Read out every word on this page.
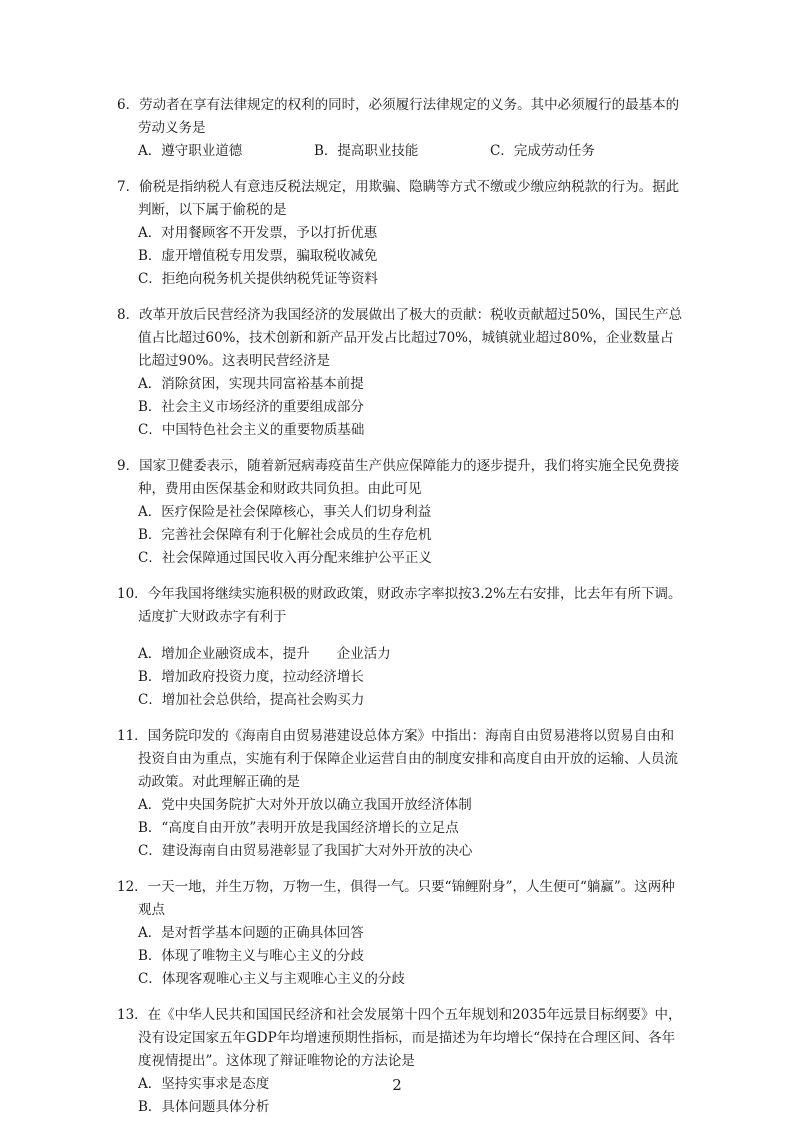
6．劳动者在享有法律规定的权利的同时，必须履行法律规定的义务。其中必须履行的最基本的劳动义务是
A．遵守职业道德	B．提高职业技能	C．完成劳动任务
7．偷税是指纳税人有意违反税法规定，用欺骗、隐瞒等方式不缴或少缴应纳税款的行为。据此判断，以下属于偷税的是
A．对用餐顾客不开发票，予以打折优惠
B．虚开增值税专用发票，骗取税收减免
C．拒绝向税务机关提供纳税凭证等资料
8．改革开放后民营经济为我国经济的发展做出了极大的贡献：税收贡献超过50%，国民生产总值占比超过60%，技术创新和新产品开发占比超过70%，城镇就业超过80%，企业数量占比超过90%。这表明民营经济是
A．消除贫困，实现共同富裕基本前提
B．社会主义市场经济的重要组成部分
C．中国特色社会主义的重要物质基础
9．国家卫健委表示，随着新冠病毒疫苗生产供应保障能力的逐步提升，我们将实施全民免费接种，费用由医保基金和财政共同负担。由此可见
A．医疗保险是社会保障核心，事关人们切身利益
B．完善社会保障有利于化解社会成员的生存危机
C．社会保障通过国民收入再分配来维护公平正义
10．今年我国将继续实施积极的财政政策，财政赤字率拟按3.2%左右安排，比去年有所下调。适度扩大财政赤字有利于
A．增加企业融资成本，提升　　企业活力
B．增加政府投资力度，拉动经济增长
C．增加社会总供给，提高社会购买力
11．国务院印发的《海南自由贸易港建设总体方案》中指出：海南自由贸易港将以贸易自由和投资自由为重点，实施有利于保障企业运营自由的制度安排和高度自由开放的运输、人员流动政策。对此理解正确的是
A．党中央国务院扩大对外开放以确立我国开放经济体制
B．“高度自由开放”表明开放是我国经济增长的立足点
C．建设海南自由贸易港彰显了我国扩大对外开放的决心
12．一天一地，并生万物，万物一生，俱得一气。只要“锦鲤附身”，人生便可“躺赢”。这两种观点
A．是对哲学基本问题的正确具体回答
B．体现了唯物主义与唯心主义的分歧
C．体现客观唯心主义与主观唯心主义的分歧
13．在《中华人民共和国国民经济和社会发展第十四个五年规划和2035年远景目标纲要》中，没有设定国家五年GDP年均增速预期性指标，而是描述为年均增长“保持在合理区间、各年度视情提出”。这体现了辩证唯物论的方法论是
A．坚持实事求是态度
B．具体问题具体分析
2
